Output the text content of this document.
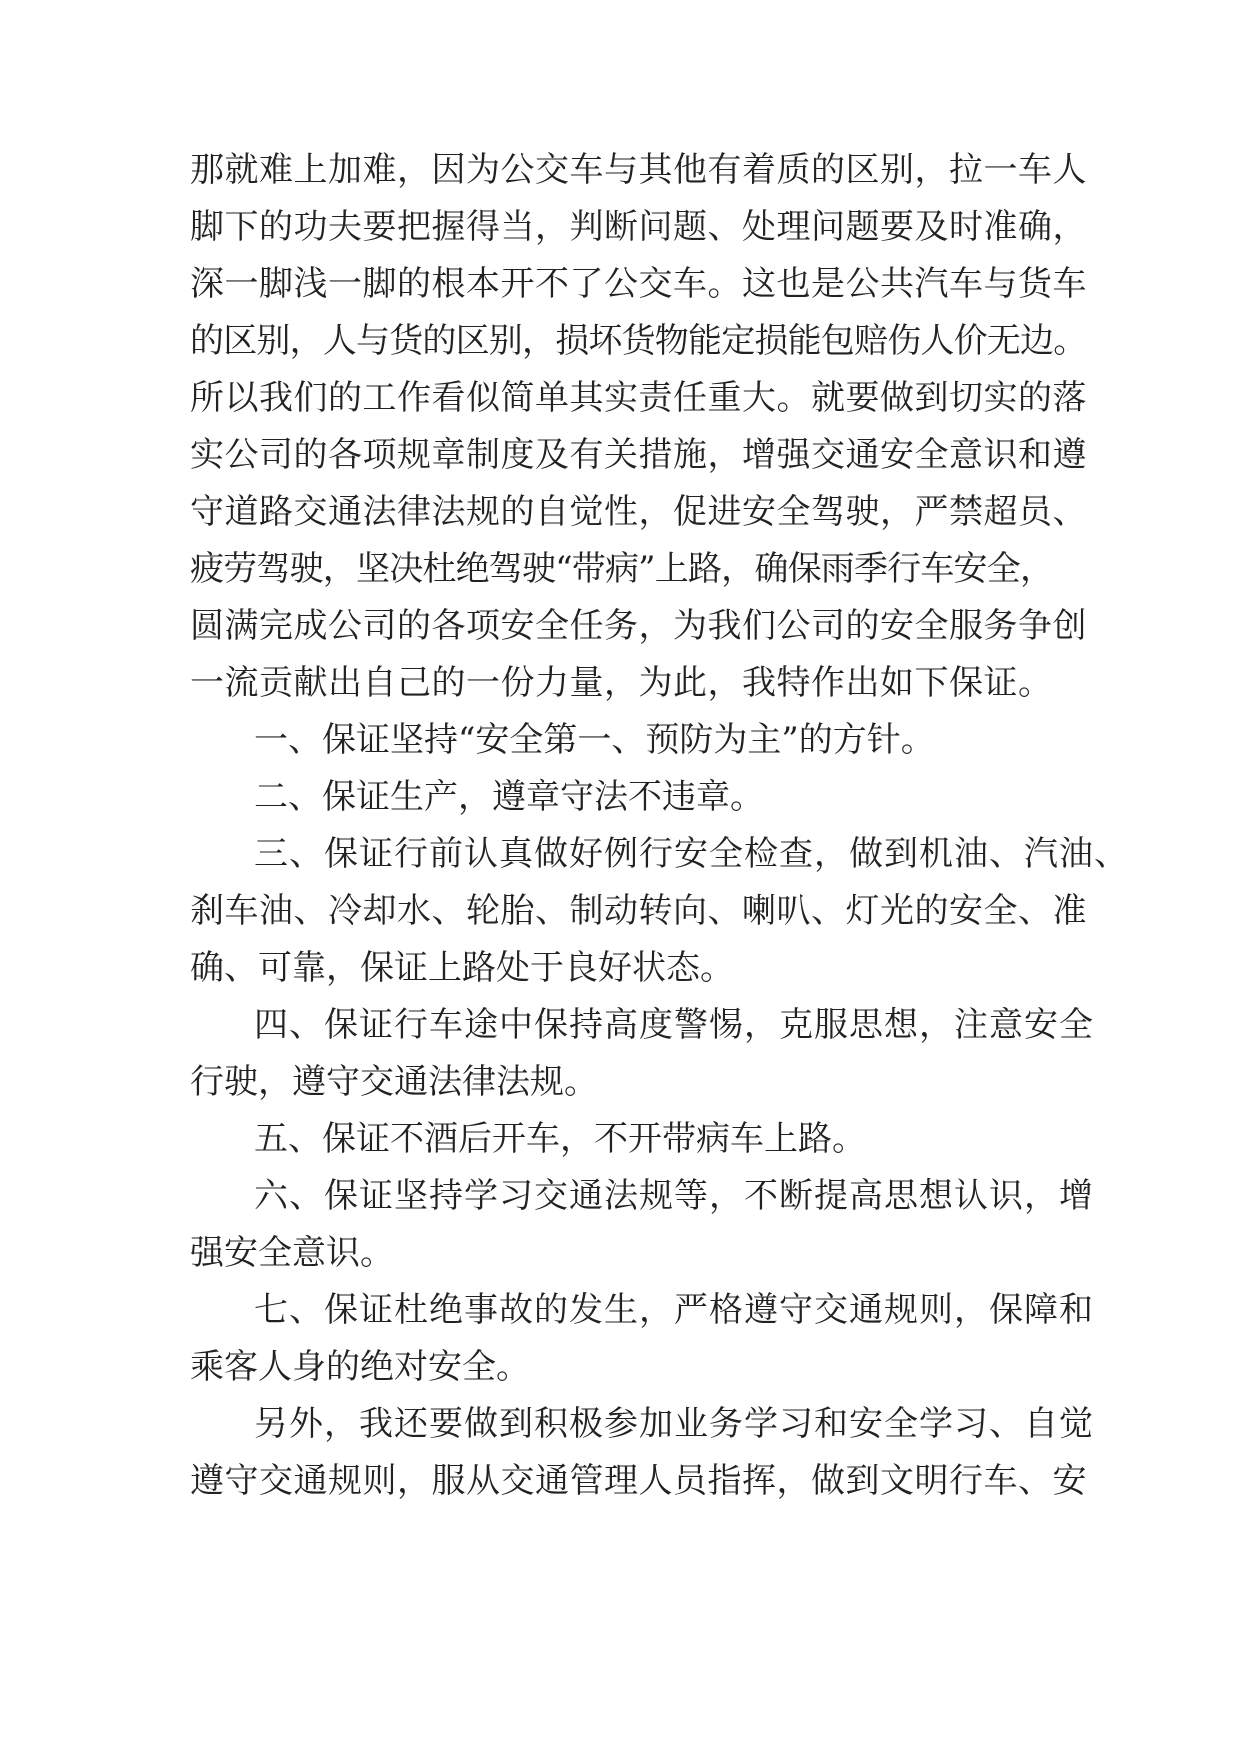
那就难上加难，因为公交车与其他有着质的区别，拉一车人
脚下的功夫要把握得当，判断问题、处理问题要及时准确，
深一脚浅一脚的根本开不了公交车。这也是公共汽车与货车
的区别，人与货的区别，损坏货物能定损能包赔伤人价无边。
所以我们的工作看似简单其实责任重大。就要做到切实的落
实公司的各项规章制度及有关措施，增强交通安全意识和遵
守道路交通法律法规的自觉性，促进安全驾驶，严禁超员、
疲劳驾驶，坚决杜绝驾驶“带病”上路，确保雨季行车安全，
圆满完成公司的各项安全任务，为我们公司的安全服务争创
一流贡献出自己的一份力量，为此，我特作出如下保证。
一、保证坚持“安全第一、预防为主”的方针。
二、保证生产，遵章守法不违章。
三、保证行前认真做好例行安全检查，做到机油、汽油、
刹车油、冷却水、轮胎、制动转向、喇叭、灯光的安全、准
确、可靠，保证上路处于良好状态。
四、保证行车途中保持高度警惕，克服思想，注意安全
行驶，遵守交通法律法规。
五、保证不酒后开车，不开带病车上路。
六、保证坚持学习交通法规等，不断提高思想认识，增
强安全意识。
七、保证杜绝事故的发生，严格遵守交通规则，保障和
乘客人身的绝对安全。
另外，我还要做到积极参加业务学习和安全学习、自觉
遵守交通规则，服从交通管理人员指挥，做到文明行车、安
